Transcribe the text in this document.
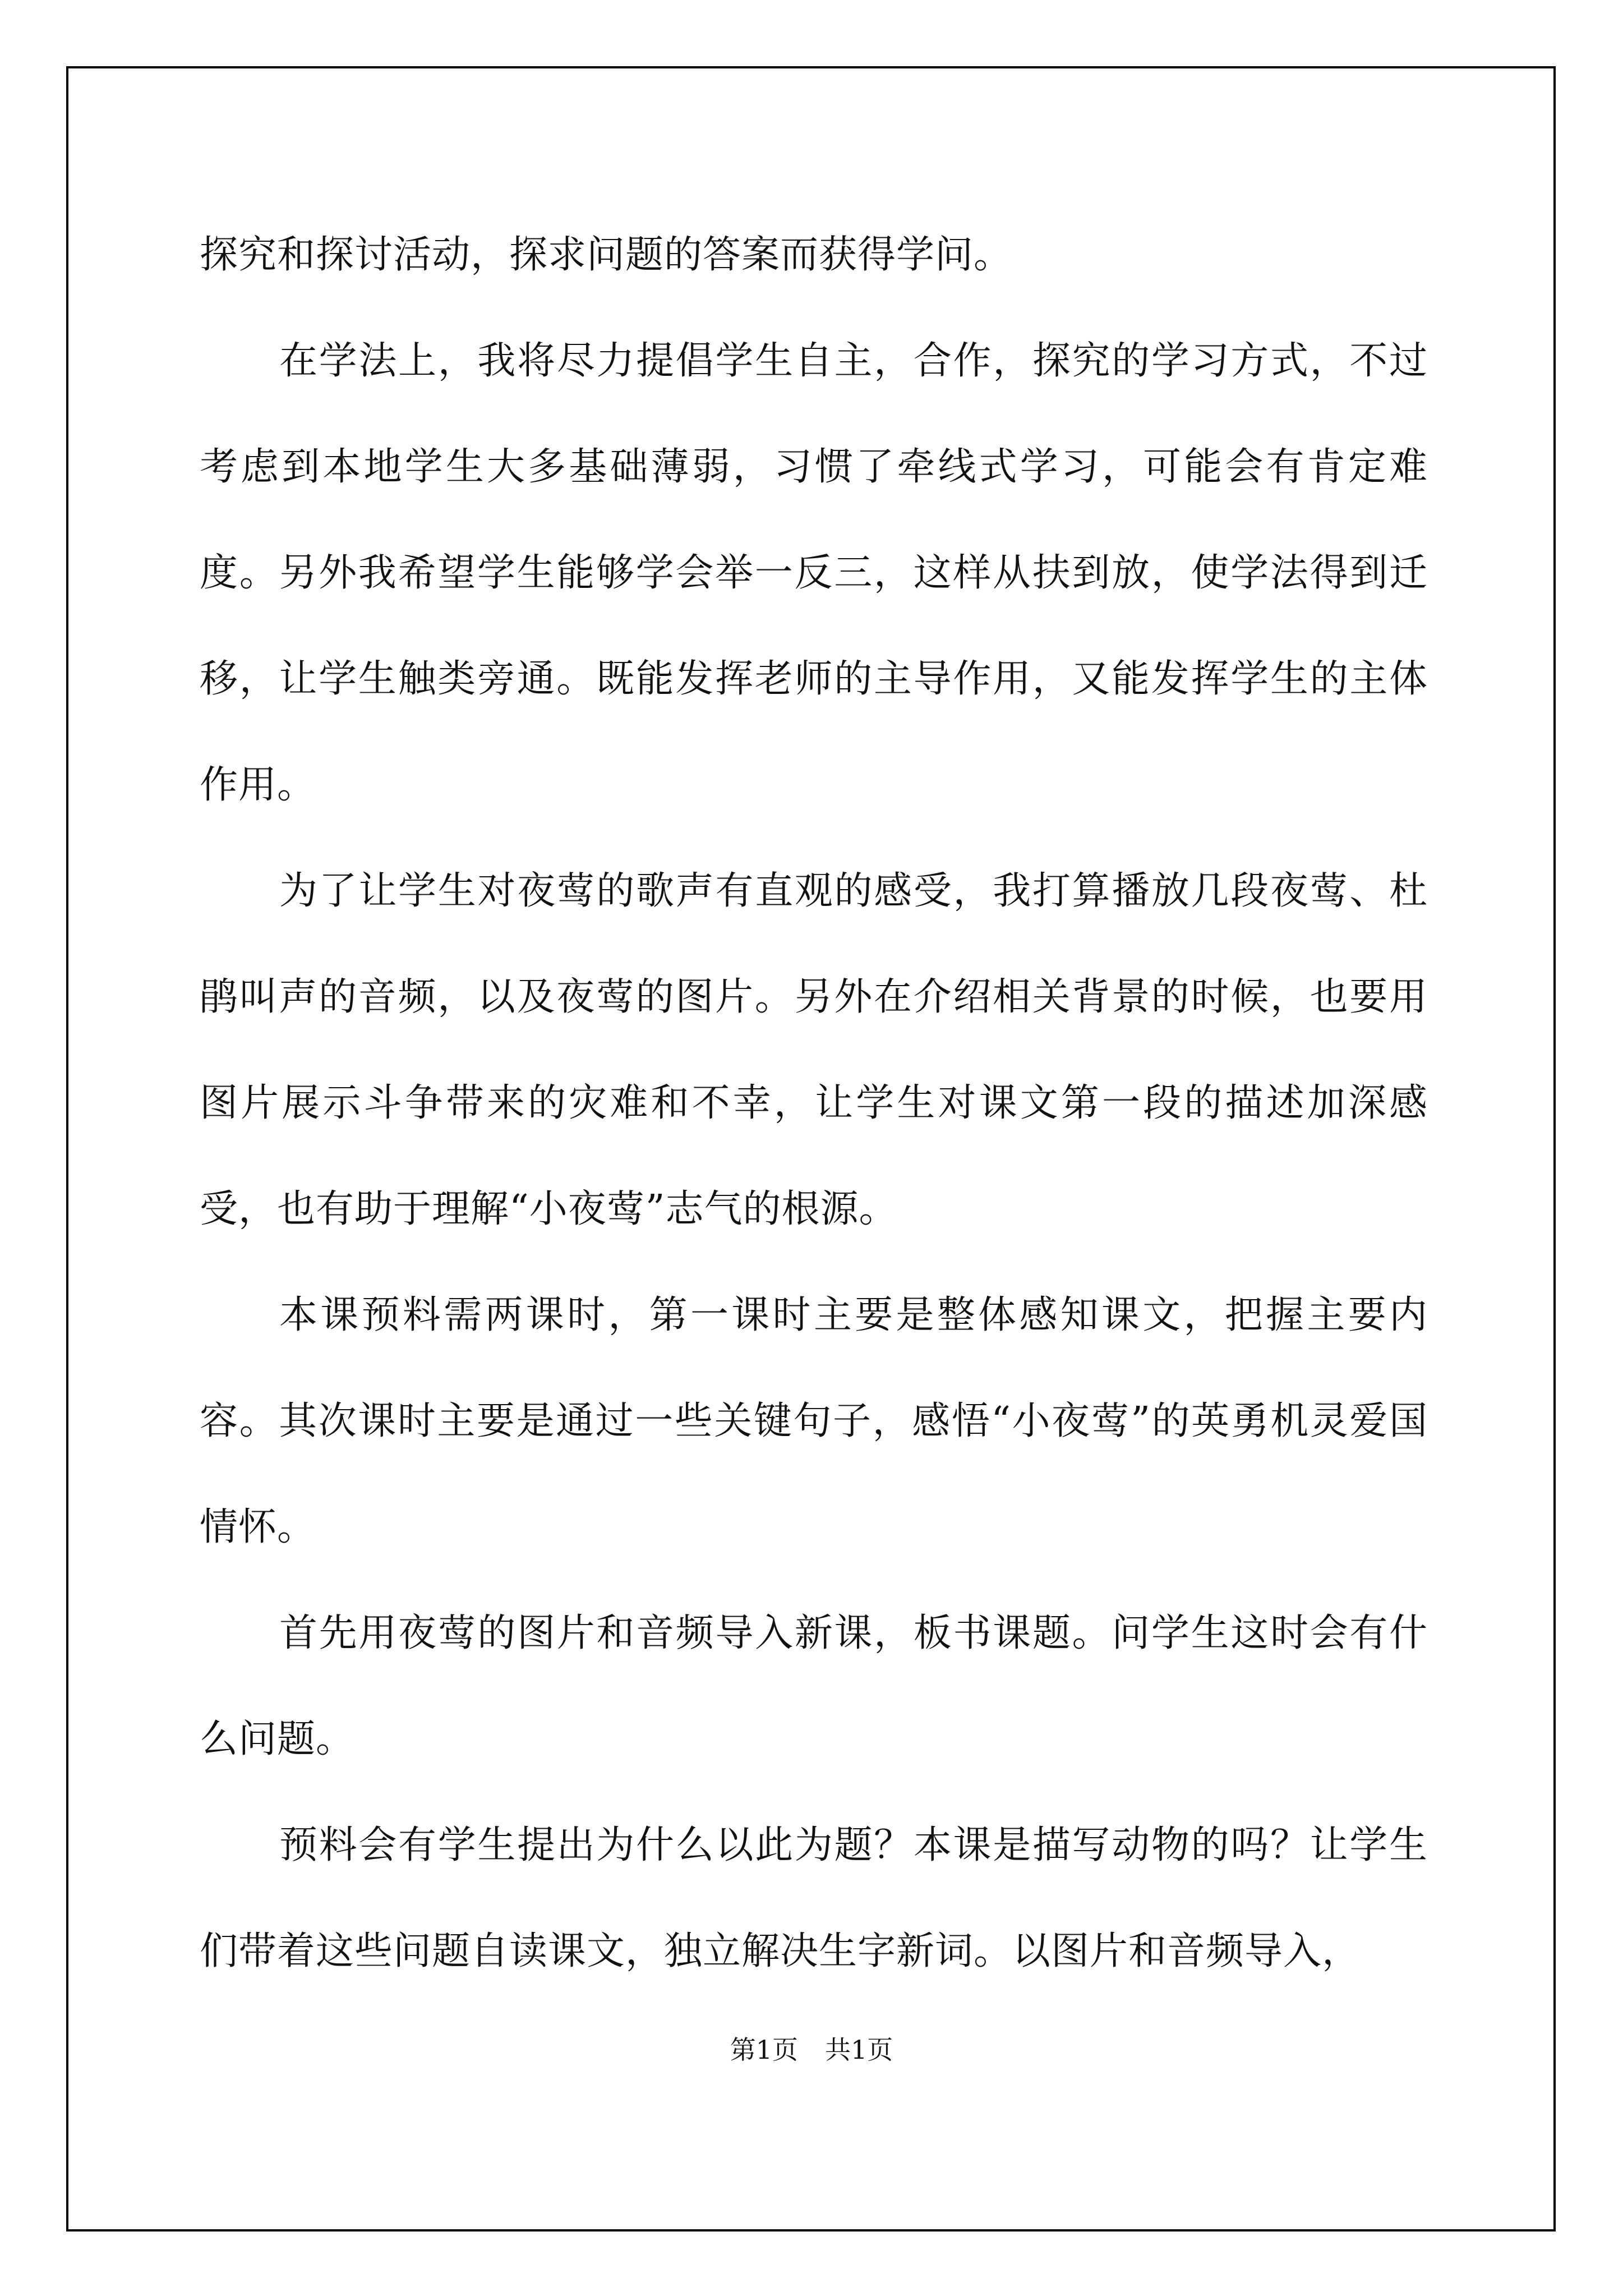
探究和探讨活动，探求问题的答案而获得学问。

在学法上，我将尽力提倡学生自主，合作，探究的学习方式，不过考虑到本地学生大多基础薄弱，习惯了牵线式学习，可能会有肯定难度。另外我希望学生能够学会举一反三，这样从扶到放，使学法得到迁移，让学生触类旁通。既能发挥老师的主导作用，又能发挥学生的主体作用。

为了让学生对夜莺的歌声有直观的感受，我打算播放几段夜莺、杜鹃叫声的音频，以及夜莺的图片。另外在介绍相关背景的时候，也要用图片展示斗争带来的灾难和不幸，让学生对课文第一段的描述加深感受，也有助于理解“小夜莺”志气的根源。

本课预料需两课时，第一课时主要是整体感知课文，把握主要内容。其次课时主要是通过一些关键句子，感悟“小夜莺”的英勇机灵爱国情怀。

首先用夜莺的图片和音频导入新课，板书课题。问学生这时会有什么问题。

预料会有学生提出为什么以此为题？本课是描写动物的吗？让学生们带着这些问题自读课文，独立解决生字新词。以图片和音频导入，

第1页 共1页
